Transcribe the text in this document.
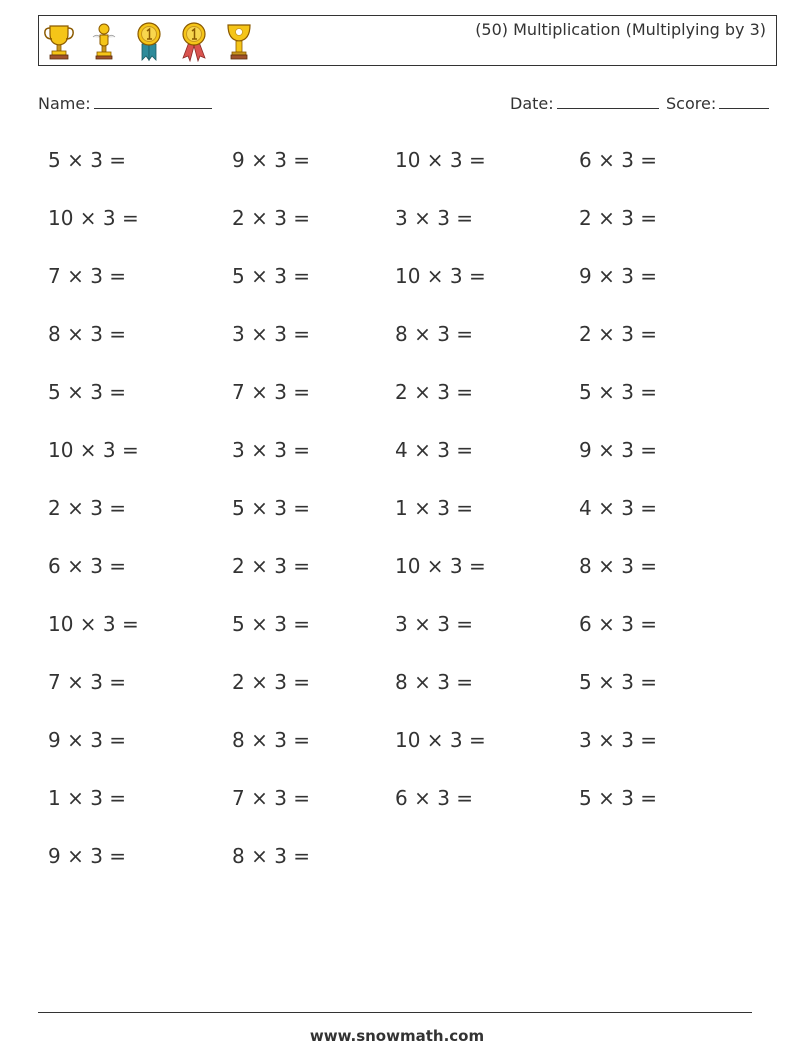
(50) Multiplication (Multiplying by 3)
Name:	Date:	Score:
5 × 3 =	9 × 3 =	10 × 3 =	6 × 3 =
10 × 3 =	2 × 3 =	3 × 3 =	2 × 3 =
7 × 3 =	5 × 3 =	10 × 3 =	9 × 3 =
8 × 3 =	3 × 3 =	8 × 3 =	2 × 3 =
5 × 3 =	7 × 3 =	2 × 3 =	5 × 3 =
10 × 3 =	3 × 3 =	4 × 3 =	9 × 3 =
2 × 3 =	5 × 3 =	1 × 3 =	4 × 3 =
6 × 3 =	2 × 3 =	10 × 3 =	8 × 3 =
10 × 3 =	5 × 3 =	3 × 3 =	6 × 3 =
7 × 3 =	2 × 3 =	8 × 3 =	5 × 3 =
9 × 3 =	8 × 3 =	10 × 3 =	3 × 3 =
1 × 3 =	7 × 3 =	6 × 3 =	5 × 3 =
9 × 3 =	8 × 3 =
www.snowmath.com
